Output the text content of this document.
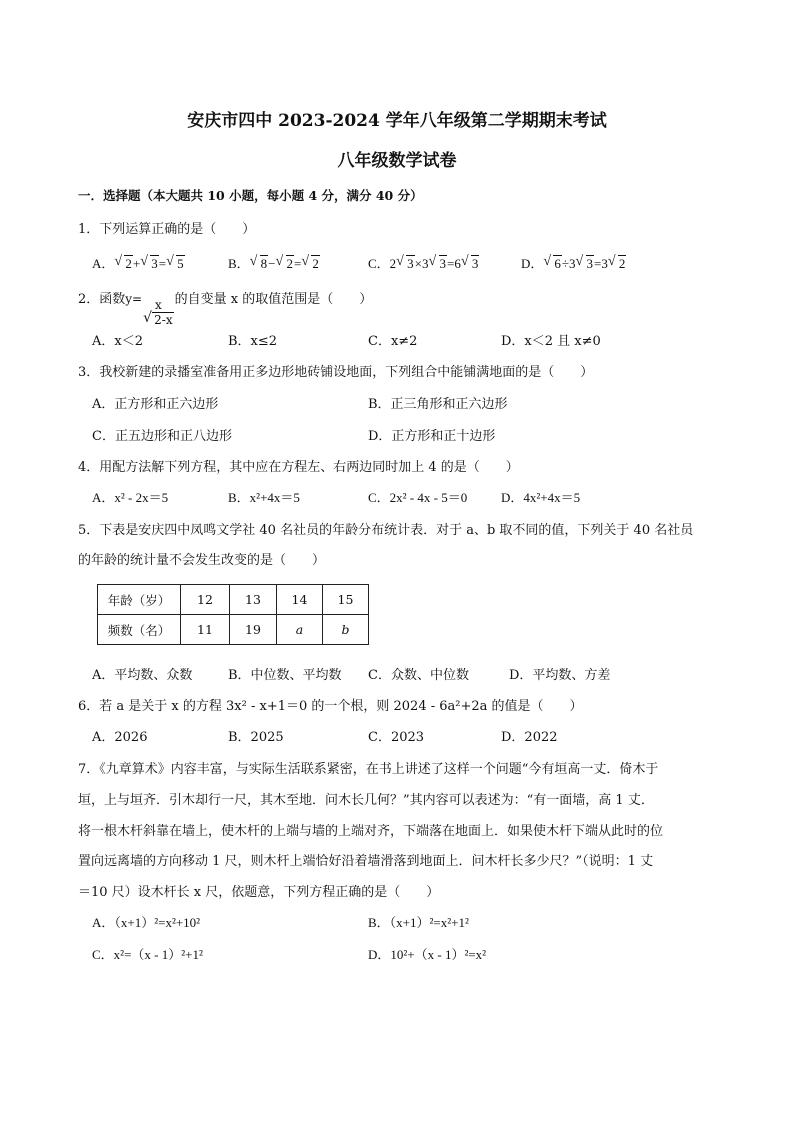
安庆市四中 2023-2024 学年八年级第二学期期末考试
八年级数学试卷
一．选择题（本大题共 10 小题，每小题 4 分，满分 40 分）
1．下列运算正确的是（　　）
A． √ 2+ √ 3= √ 5	B． √ 8− √ 2= √ 2	C．2 √ 3×3 √ 3=6 √ 3	D． √ 6÷3 √ 3=3 √ 2
2．函数y= x
√ 2-x 的自变量 x 的取值范围是（　　）
A．x＜2	B．x≤2	C．x≠2	D．x＜2 且 x≠0
3．我校新建的录播室准备用正多边形地砖铺设地面，下列组合中能铺满地面的是（　　）
A．正方形和正六边形	B．正三角形和正六边形
C．正五边形和正八边形	D．正方形和正十边形
4．用配方法解下列方程，其中应在方程左、右两边同时加上 4 的是（　　）
A．x² - 2x＝5	B．x²+4x＝5	C．2x² - 4x - 5＝0	D．4x²+4x＝5
5．下表是安庆四中凤鸣文学社 40 名社员的年龄分布统计表．对于 a、b 取不同的值，下列关于 40 名社员
的年龄的统计量不会发生改变的是（　　）
年龄（岁）	12	13	14	15
频数（名）	11	19	a	b
A．平均数、众数	B．中位数、平均数 C．众数、中位数	D．平均数、方差
6．若 a 是关于 x 的方程 3x² - x+1＝0 的一个根，则 2024 - 6a²+2a 的值是（　　）
A．2026	B．2025	C．2023	D．2022
7．《九章算术》内容丰富，与实际生活联系紧密，在书上讲述了这样一个问题“今有垣高一丈．倚木于
垣，上与垣齐．引木却行一尺，其木至地．问木长几何？”其内容可以表述为：“有一面墙，高 1 丈．
将一根木杆斜靠在墙上，使木杆的上端与墙的上端对齐，下端落在地面上．如果使木杆下端从此时的位
置向远离墙的方向移动 1 尺，则木杆上端恰好沿着墙滑落到地面上．问木杆长多少尺？”（说明：1 丈
＝10 尺）设木杆长 x 尺，依题意，下列方程正确的是（　　）
A．（x+1）²=x²+10²	B．（x+1）²=x²+1²
C．x²=（x - 1）²+1²	D．10²+（x - 1）²=x²
